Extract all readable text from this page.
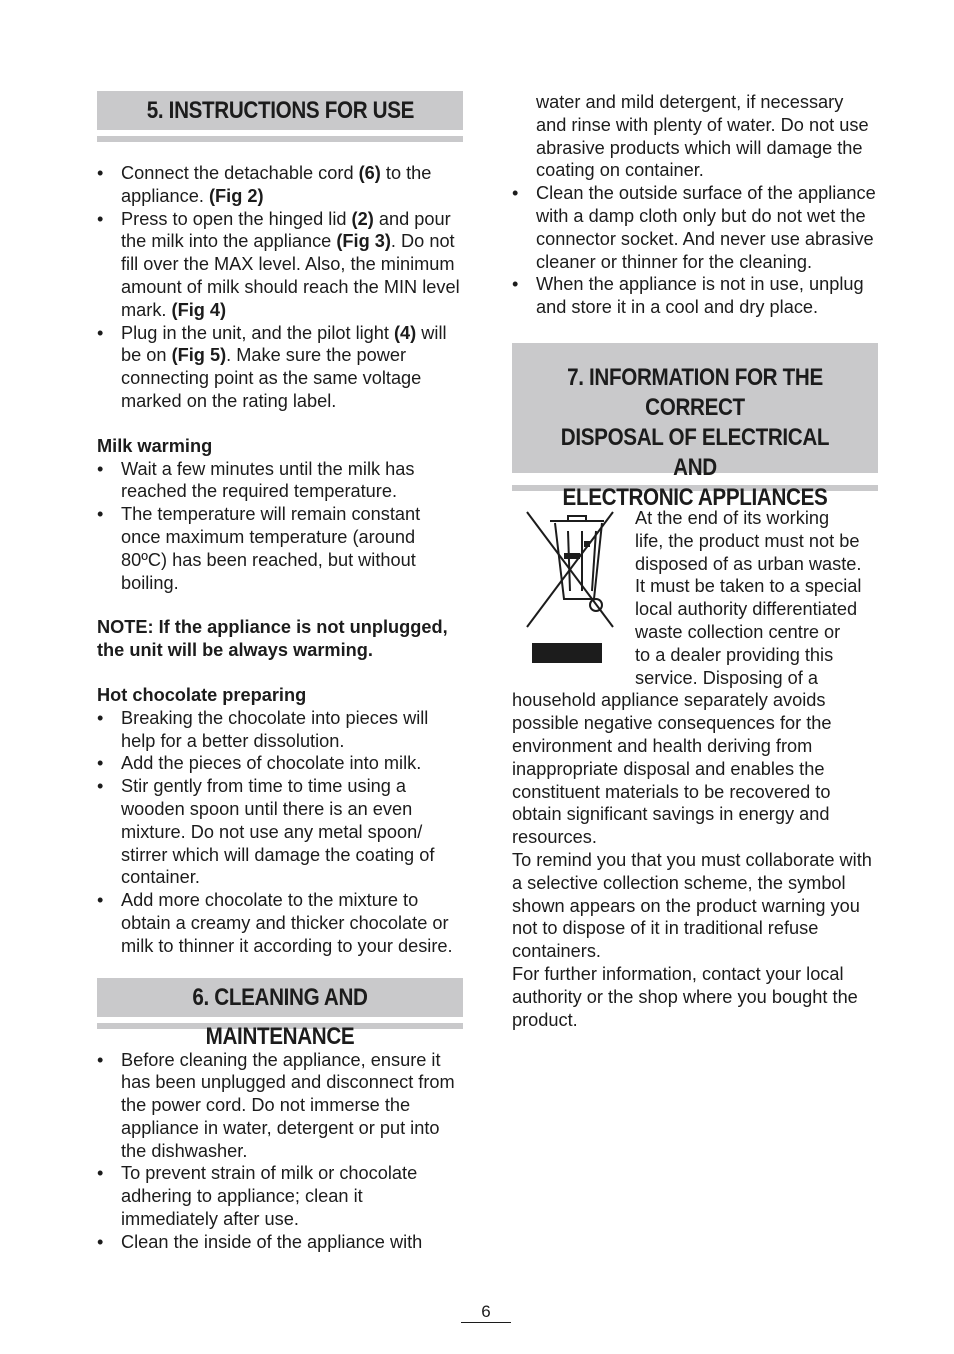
5. INSTRUCTIONS FOR USE
• Connect the detachable cord (6) to the appliance. (Fig 2)
• Press to open the hinged lid (2) and pour the milk into the appliance (Fig 3). Do not fill over the MAX level. Also, the minimum amount of milk should reach the MIN level mark. (Fig 4)
• Plug in the unit, and the pilot light (4) will be on (Fig 5). Make sure the power connecting point as the same voltage marked on the rating label.

Milk warming

• Wait a few minutes until the milk has reached the required temperature.
• The temperature will remain constant once maximum temperature (around 80ºC) has been reached, but without boiling.

NOTE: If the appliance is not unplugged, the unit will be always warming.

Hot chocolate preparing

• Breaking the chocolate into pieces will help for a better dissolution.
• Add the pieces of chocolate into milk.
• Stir gently from time to time using a wooden spoon until there is an even mixture. Do not use any metal spoon/ stirrer which will damage the coating of container.
• Add more chocolate to the mixture to obtain a creamy and thicker chocolate or milk to thinner it according to your desire.
6. CLEANING AND MAINTENANCE
• Before cleaning the appliance, ensure it has been unplugged and disconnect from the power cord. Do not immerse the appliance in water, detergent or put into the dishwasher.
• To prevent strain of milk or chocolate adhering to appliance; clean it immediately after use.
• Clean the inside of the appliance with

water and mild detergent, if necessary and rinse with plenty of water. Do not use abrasive products which will damage the coating on container.

• Clean the outside surface of the appliance with a damp cloth only but do not wet the connector socket. And never use abrasive cleaner or thinner for the cleaning.
• When the appliance is not in use, unplug and store it in a cool and dry place.
7. INFORMATION FOR THE CORRECT
DISPOSAL OF ELECTRICAL AND
ELECTRONIC APPLIANCES
At the end of its working
life, the product must not be
disposed of as urban waste.
It must be taken to a special
local authority differentiated
waste collection centre or
to a dealer providing this
service. Disposing of a

household appliance separately avoids possible negative consequences for the environment and health deriving from inappropriate disposal and enables the constituent materials to be recovered to obtain significant savings in energy and resources.

To remind you that you must collaborate with a selective collection scheme, the symbol shown appears on the product warning you not to dispose of it in traditional refuse containers.

For further information, contact your local authority or the shop where you bought the product.

6
